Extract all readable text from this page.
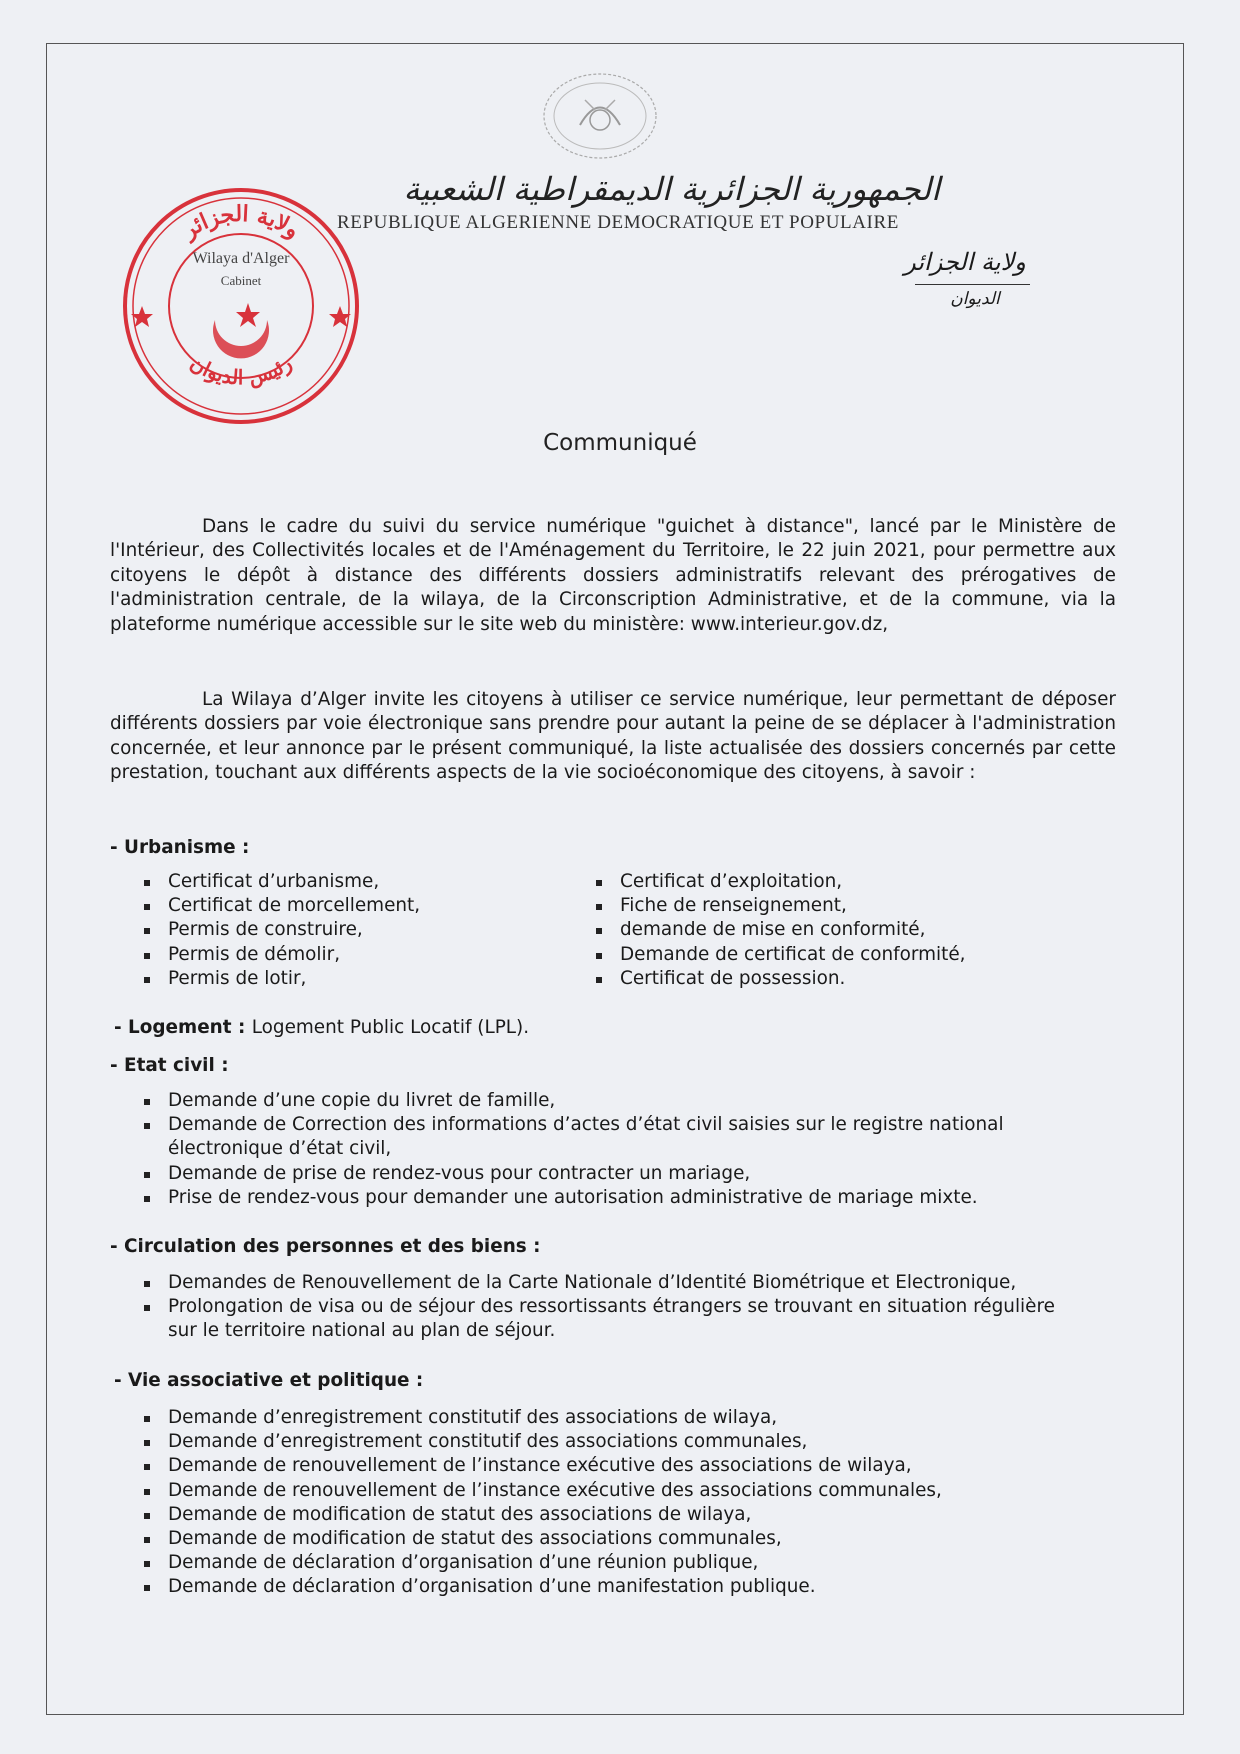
الجمهورية الجزائرية الديمقراطية الشعبية
REPUBLIQUE ALGERIENNE DEMOCRATIQUE ET POPULAIRE
ولاية الجزائر
الديوان
ولاية الجزائر
رئيس الديوان
Wilaya d'Alger
Cabinet
Communiqué

Dans le cadre du suivi du service numérique "guichet à distance", lancé par le Ministère de l'Intérieur, des Collectivités locales et de l'Aménagement du Territoire, le 22 juin 2021, pour permettre aux citoyens le dépôt à distance des différents dossiers administratifs relevant des prérogatives de l'administration centrale, de la wilaya, de la Circonscription Administrative, et de la commune, via la plateforme numérique accessible sur le site web du ministère: www.interieur.gov.dz,

La Wilaya d’Alger invite les citoyens à utiliser ce service numérique, leur permettant de déposer différents dossiers par voie électronique sans prendre pour autant la peine de se déplacer à l'administration concernée, et leur annonce par le présent communiqué, la liste actualisée des dossiers concernés par cette prestation, touchant aux différents aspects de la vie socioéconomique des citoyens, à savoir :

- Urbanisme :
Certificat d’urbanisme,
Certificat de morcellement,
Permis de construire,
Permis de démolir,
Permis de lotir,
Certificat d’exploitation,
Fiche de renseignement,
demande de mise en conformité,
Demande de certificat de conformité,
Certificat de possession.
- Logement : Logement Public Locatif (LPL).
- Etat civil :
Demande d’une copie du livret de famille,
Demande de Correction des informations d’actes d’état civil saisies sur le registre national électronique d’état civil,
Demande de prise de rendez-vous pour contracter un mariage,
Prise de rendez-vous pour demander une autorisation administrative de mariage mixte.
- Circulation des personnes et des biens :
Demandes de Renouvellement de la Carte Nationale d’Identité Biométrique et Electronique,
Prolongation de visa ou de séjour des ressortissants étrangers se trouvant en situation régulière sur le territoire national au plan de séjour.
- Vie associative et politique :
Demande d’enregistrement constitutif des associations de wilaya,
Demande d’enregistrement constitutif des associations communales,
Demande de renouvellement de l’instance exécutive des associations de wilaya,
Demande de renouvellement de l’instance exécutive des associations communales,
Demande de modification de statut des associations de wilaya,
Demande de modification de statut des associations communales,
Demande de déclaration d’organisation d’une réunion publique,
Demande de déclaration d’organisation d’une manifestation publique.
